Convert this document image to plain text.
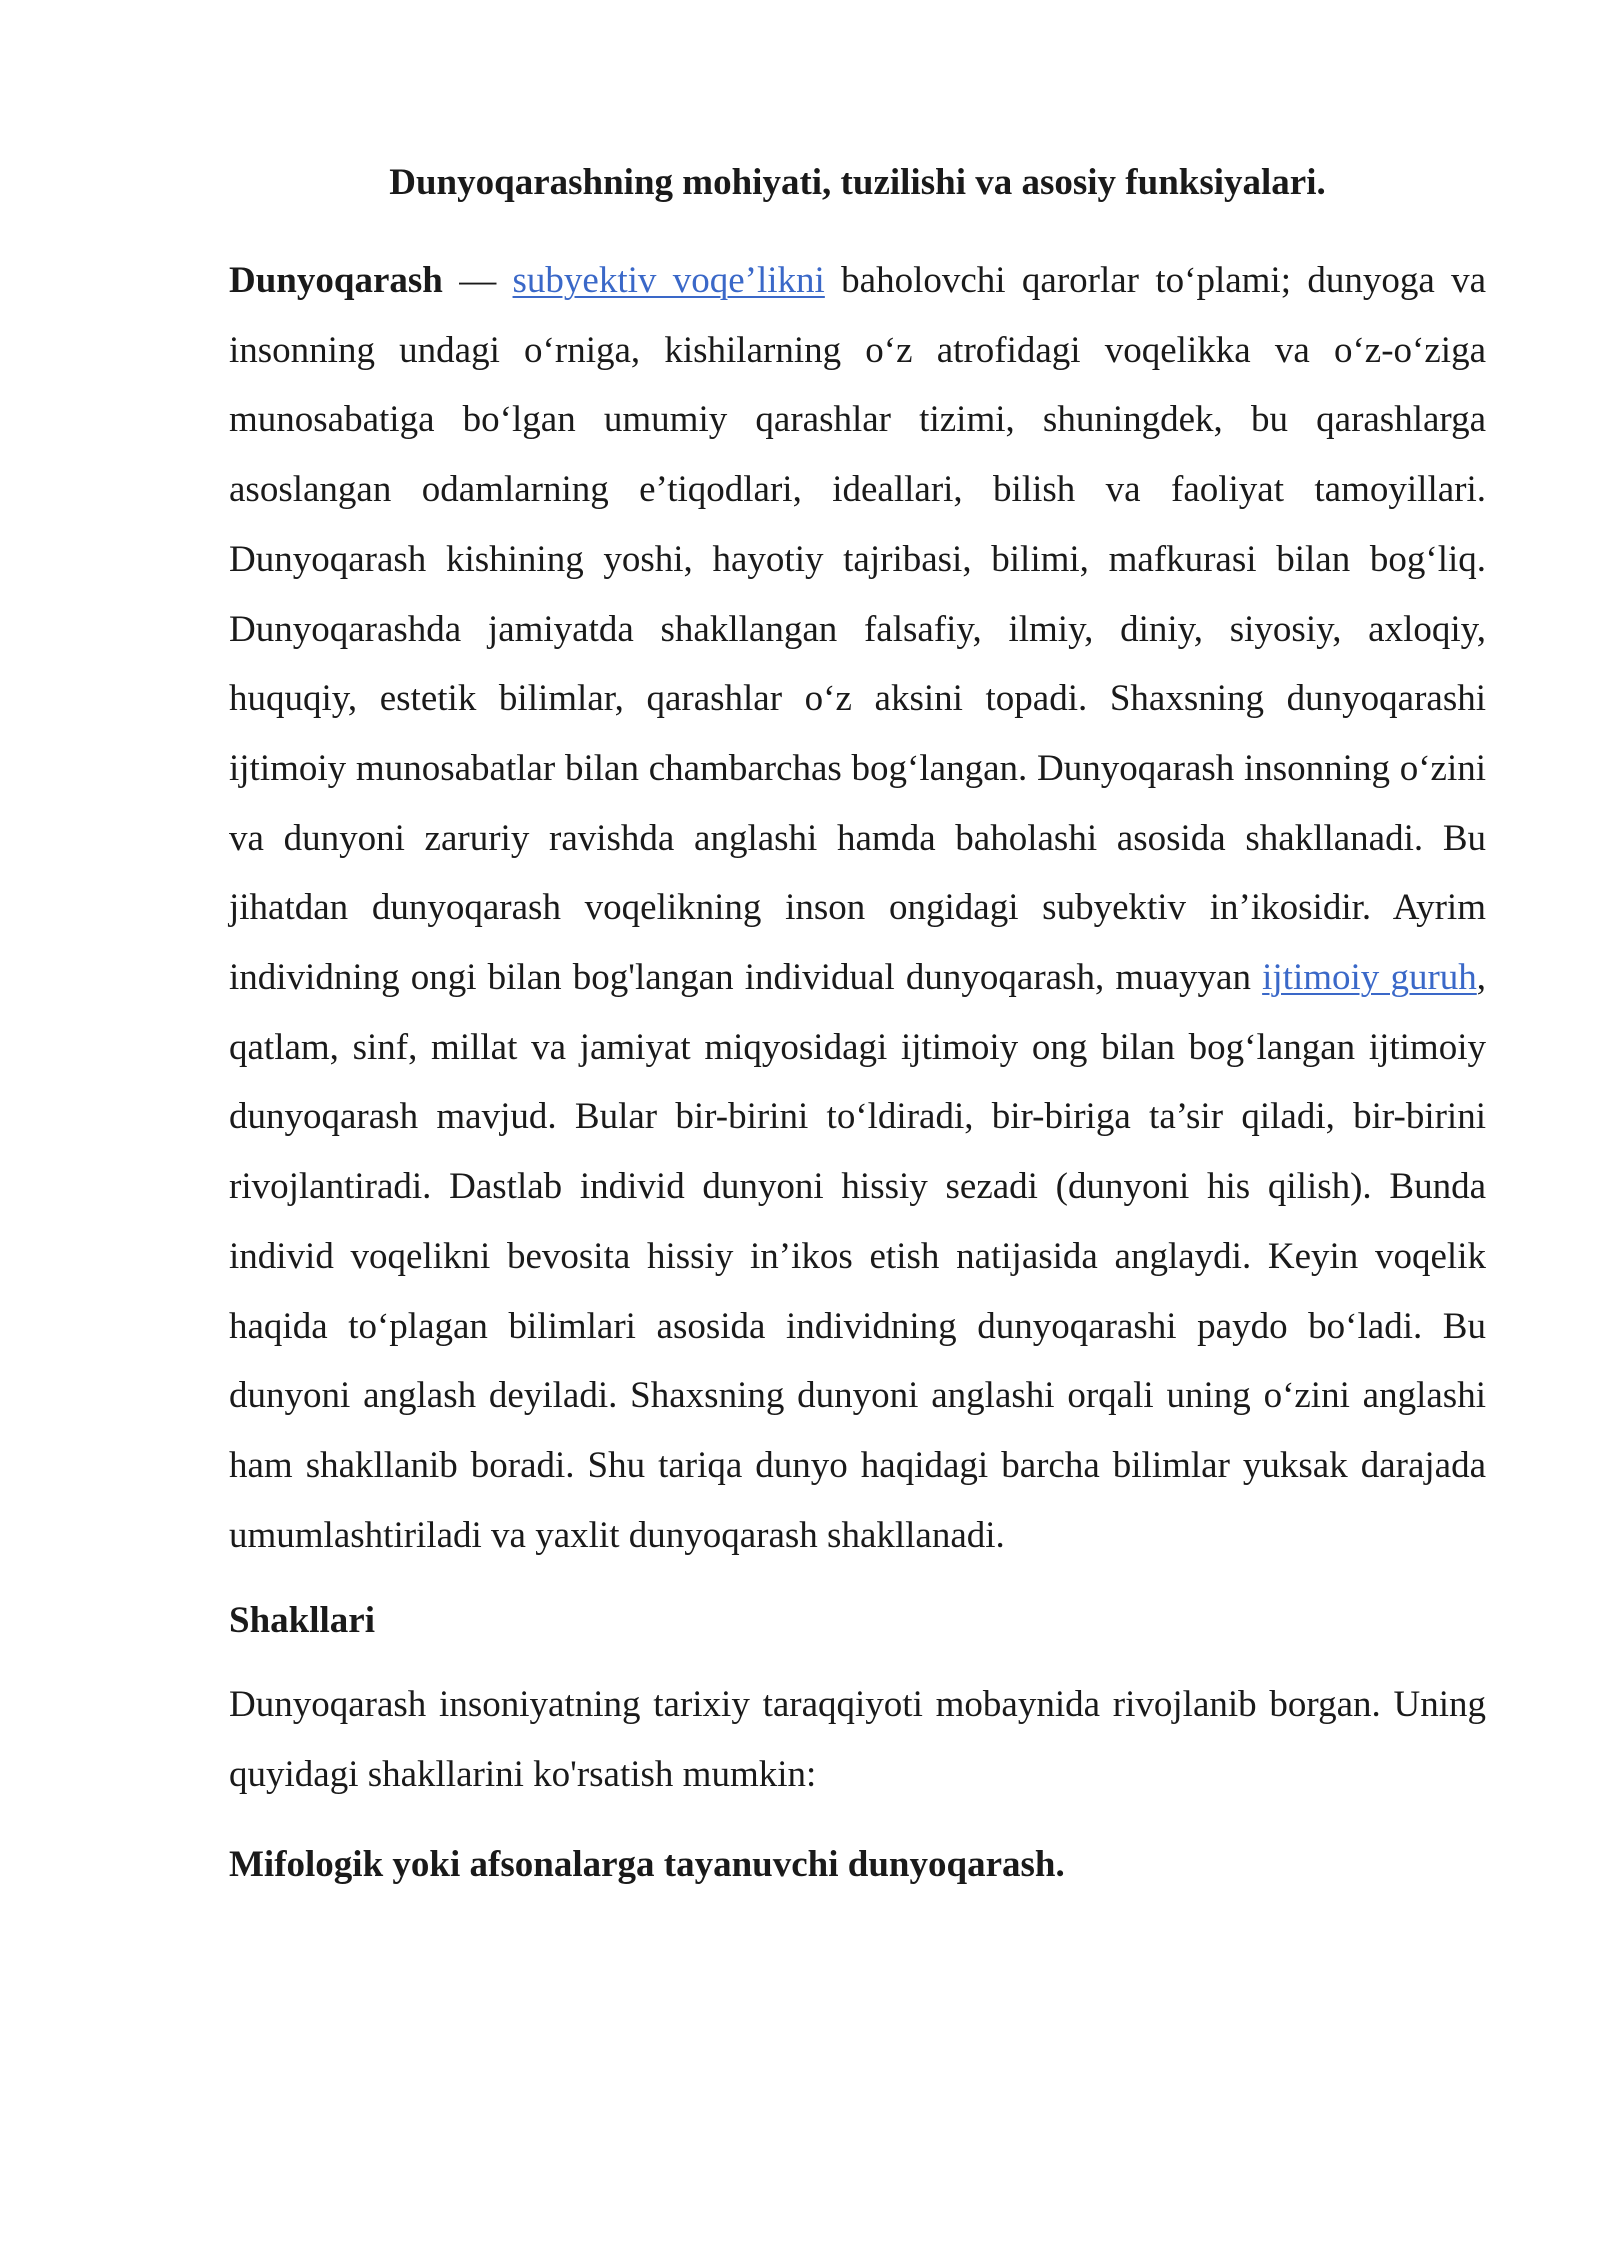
Dunyoqarashning mohiyati, tuzilishi va asosiy funksiyalari.

Dunyoqarash — subyektiv voqe’likni baholovchi qarorlar to‘plami; dunyoga va insonning undagi o‘rniga, kishilarning o‘z atrofidagi voqelikka va o‘z-o‘ziga munosabatiga bo‘lgan umumiy qarashlar tizimi, shuningdek, bu qarashlarga asoslangan odamlarning e’tiqodlari, ideallari, bilish va faoliyat tamoyillari. Dunyoqarash kishining yoshi, hayotiy tajribasi, bilimi, mafkurasi bilan bog‘liq. Dunyoqarashda jamiyatda shakllangan falsafiy, ilmiy, diniy, siyosiy, axloqiy, huquqiy, estetik bilimlar, qarashlar o‘z aksini topadi. Shaxsning dunyoqarashi ijtimoiy munosabatlar bilan chambarchas bog‘langan. Dunyoqarash insonning o‘zini va dunyoni zaruriy ravishda anglashi hamda baholashi asosida shakllanadi. Bu jihatdan dunyoqarash voqelikning inson ongidagi subyektiv in’ikosidir. Ayrim individning ongi bilan bog'langan individual dunyoqarash, muayyan ijtimoiy guruh, qatlam, sinf, millat va jamiyat miqyosidagi ijtimoiy ong bilan bog‘langan ijtimoiy dunyoqarash mavjud. Bular bir-birini to‘ldiradi, bir-biriga ta’sir qiladi, bir-birini rivojlantiradi. Dastlab individ dunyoni hissiy sezadi (dunyoni his qilish). Bunda individ voqelikni bevosita hissiy in’ikos etish natijasida anglaydi. Keyin voqelik haqida to‘plagan bilimlari asosida individning dunyoqarashi paydo bo‘ladi. Bu dunyoni anglash deyiladi. Shaxsning dunyoni anglashi orqali uning o‘zini anglashi ham shakllanib boradi. Shu tariqa dunyo haqidagi barcha bilimlar yuksak darajada umumlashtiriladi va yaxlit dunyoqarash shakllanadi.

Shakllari

Dunyoqarash insoniyatning tarixiy taraqqiyoti mobaynida rivojlanib borgan. Uning quyidagi shakllarini ko'rsatish mumkin:

Mifologik yoki afsonalarga tayanuvchi dunyoqarash.
